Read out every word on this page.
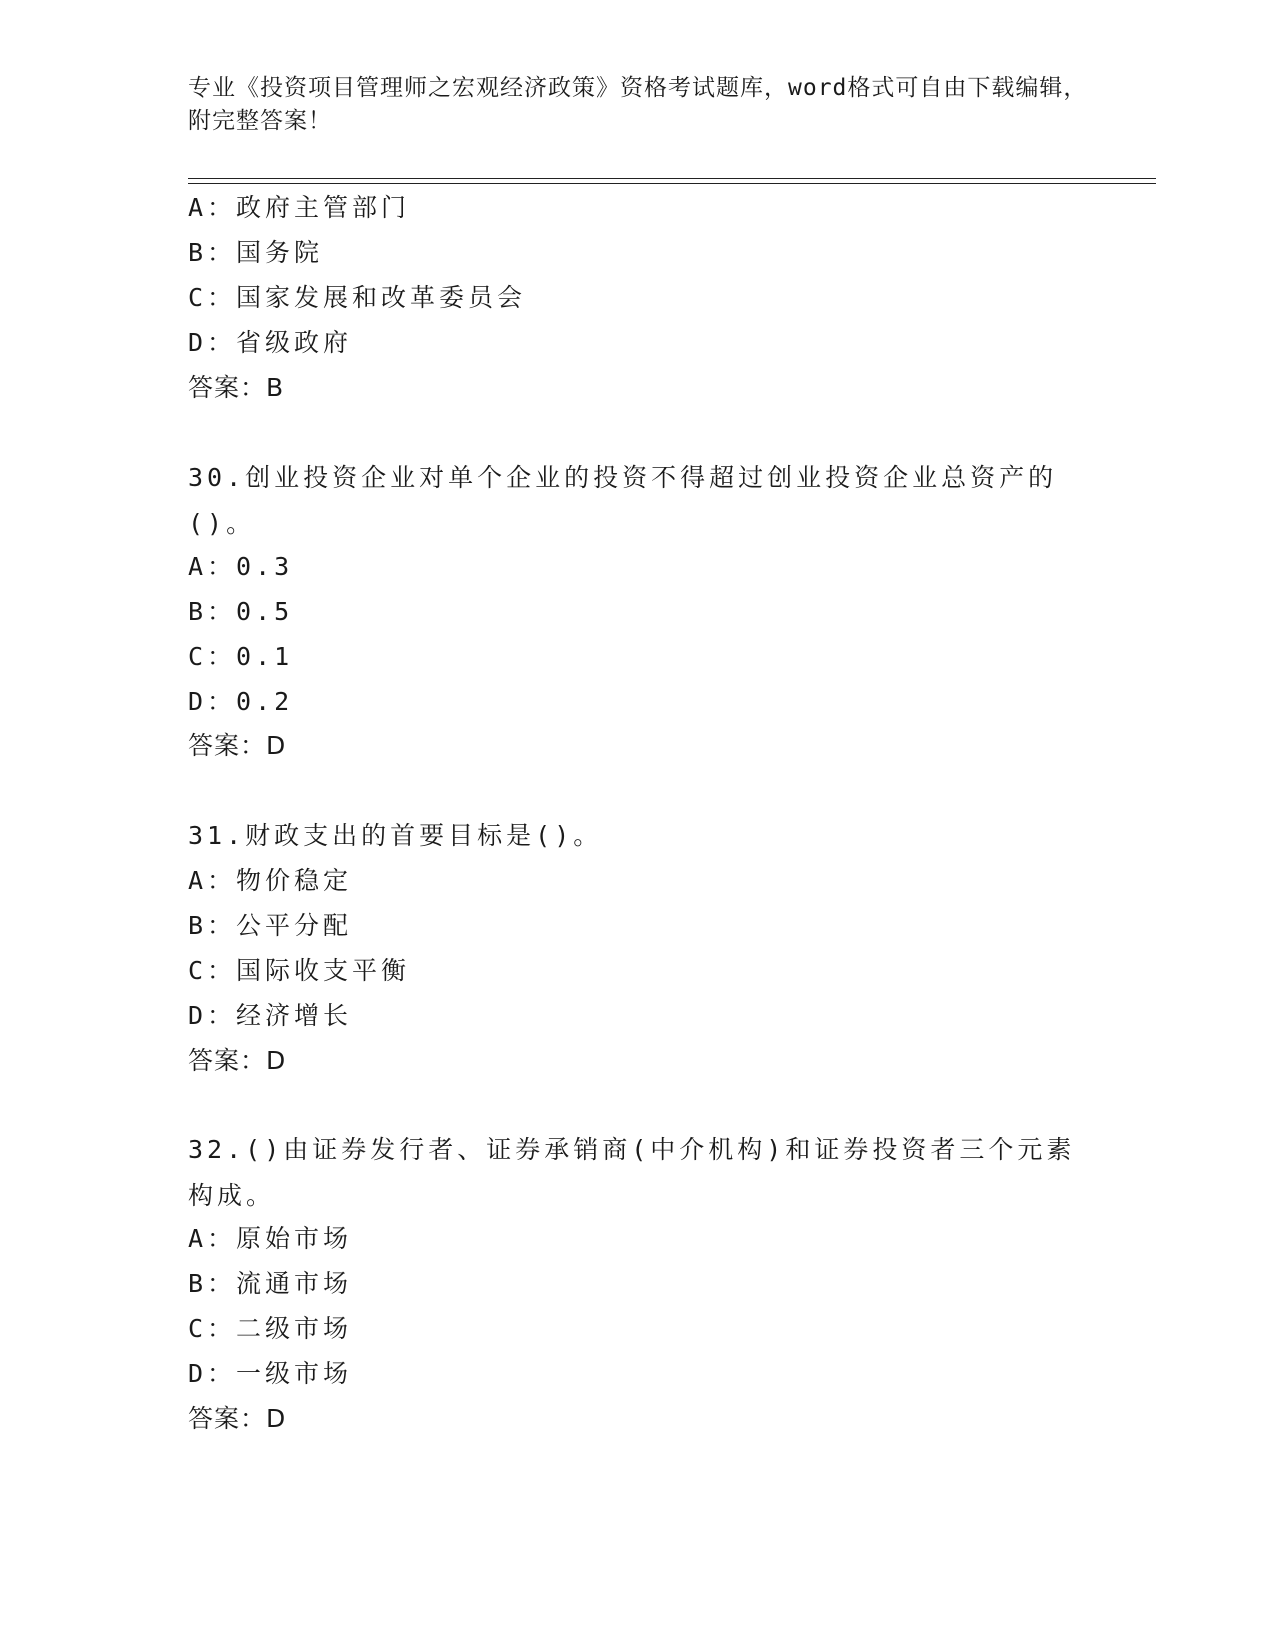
专业《投资项目管理师之宏观经济政策》资格考试题库，word格式可自由下载编辑，附完整答案！
A：政府主管部门
B：国务院
C：国家发展和改革委员会
D：省级政府
答案：B
30.创业投资企业对单个企业的投资不得超过创业投资企业总资产的()。
A：0.3
B：0.5
C：0.1
D：0.2
答案：D
31.财政支出的首要目标是()。
A：物价稳定
B：公平分配
C：国际收支平衡
D：经济增长
答案：D
32.()由证券发行者、证券承销商(中介机构)和证券投资者三个元素构成。
A：原始市场
B：流通市场
C：二级市场
D：一级市场
答案：D
